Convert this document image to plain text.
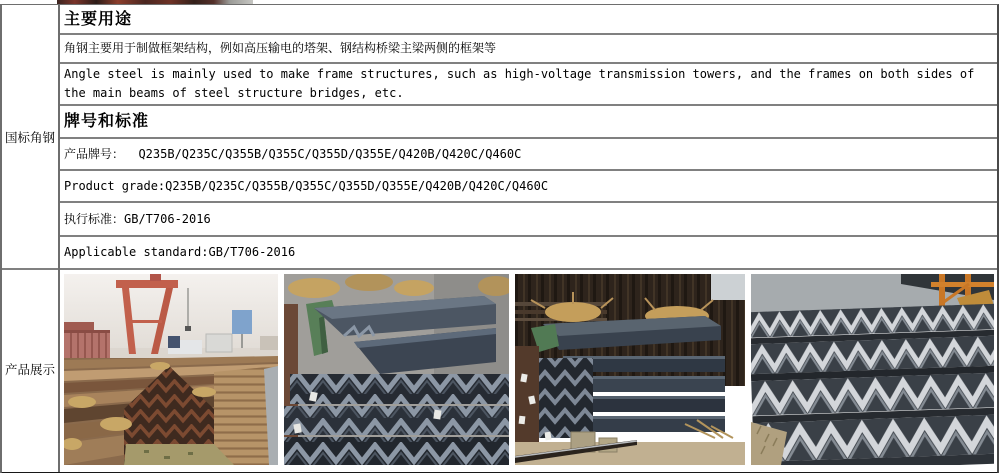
国标角钢
产品展示
主要用途
角钢主要用于制做框架结构，例如高压输电的塔架、钢结构桥梁主梁两侧的框架等
Angle steel is mainly used to make frame structures, such as high-voltage transmission towers, and the frames on both sides of the main beams of steel structure bridges, etc.
牌号和标准
产品牌号：  Q235B/Q235C/Q355B/Q355C/Q355D/Q355E/Q420B/Q420C/Q460C
Product grade:Q235B/Q235C/Q355B/Q355C/Q355D/Q355E/Q420B/Q420C/Q460C
执行标准：GB/T706-2016
Applicable standard:GB/T706-2016
